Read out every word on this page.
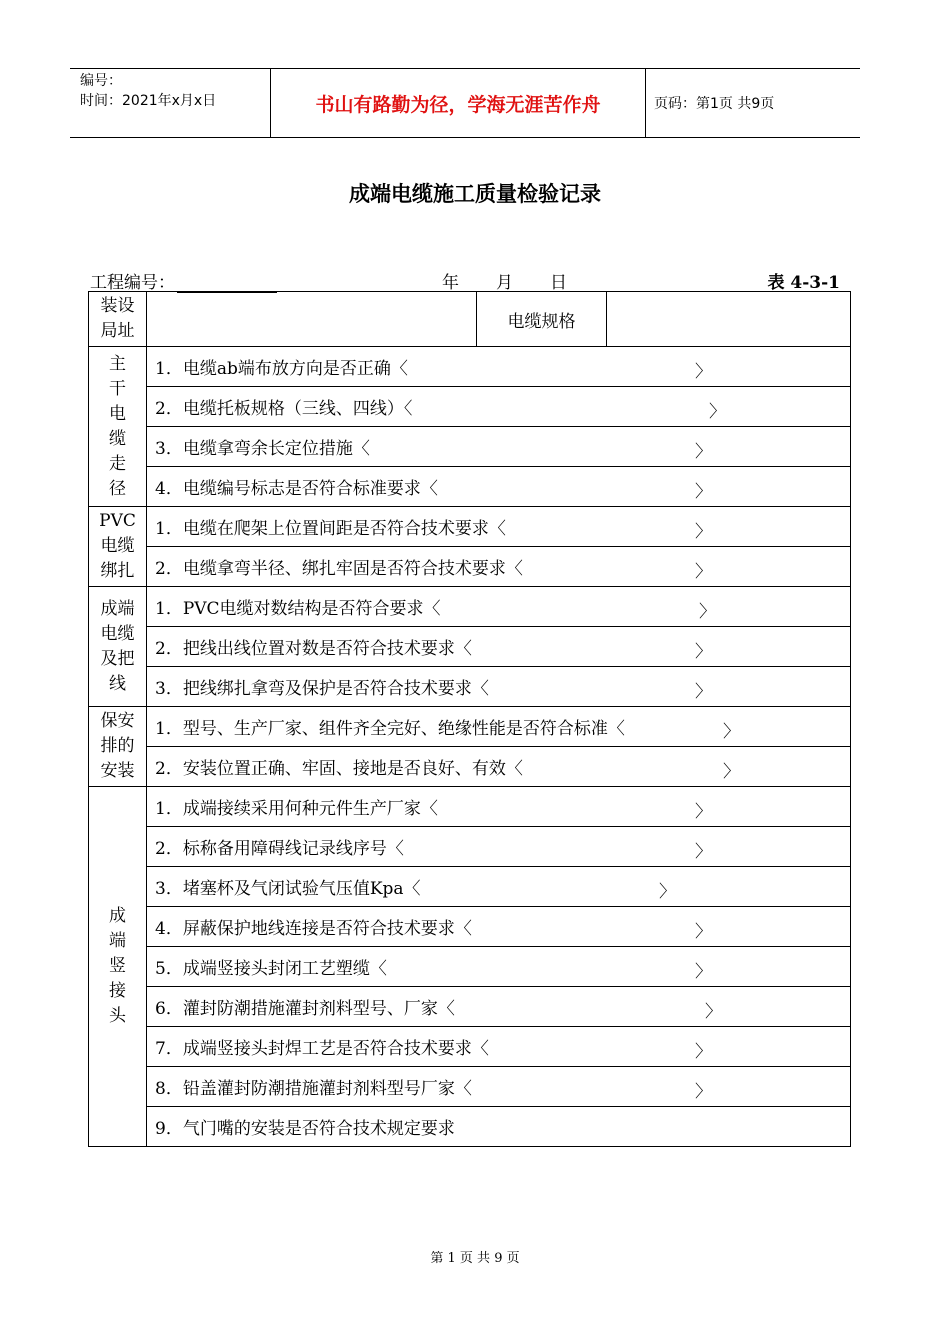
编号：
时间：2021年x月x日	书山有路勤为径，学海无涯苦作舟	页码：第1页 共9页
成端电缆施工质量检验记录
工程编号：	年 月 日	表 4-3-1
装设局址		电缆规格	

主干电缆走径	1．电缆ab端布放方向是否正确〈 〉		

	2．电缆托板规格（三线、四线）〈 〉		

	3．电缆拿弯余长定位措施〈 〉		

	4．电缆编号标志是否符合标准要求〈 〉		

PVC电缆绑扎	1．电缆在爬架上位置间距是否符合技术要求〈 〉		

	2．电缆拿弯半径、绑扎牢固是否符合技术要求〈 〉		

成端电缆及把线	1．PVC电缆对数结构是否符合要求〈 〉		

	2．把线出线位置对数是否符合技术要求〈 〉		

	3．把线绑扎拿弯及保护是否符合技术要求〈 〉		

保安排的安装	1．型号、生产厂家、组件齐全完好、绝缘性能是否符合标准〈 〉		

	2．安装位置正确、牢固、接地是否良好、有效〈 〉		

成端竖接头	1．成端接续采用何种元件生产厂家〈 〉		

	2．标称备用障碍线记录线序号〈 〉		

	3．堵塞杯及气闭试验气压值Kpa〈 〉		

	4．屏蔽保护地线连接是否符合技术要求〈 〉		

	5．成端竖接头封闭工艺塑缆〈 〉		

	6．灌封防潮措施灌封剂料型号、厂家〈 〉		

	7．成端竖接头封焊工艺是否符合技术要求〈 〉		

	8．铅盖灌封防潮措施灌封剂料型号厂家〈 〉		

	9．气门嘴的安装是否符合技术规定要求		
第 1 页 共 9 页
